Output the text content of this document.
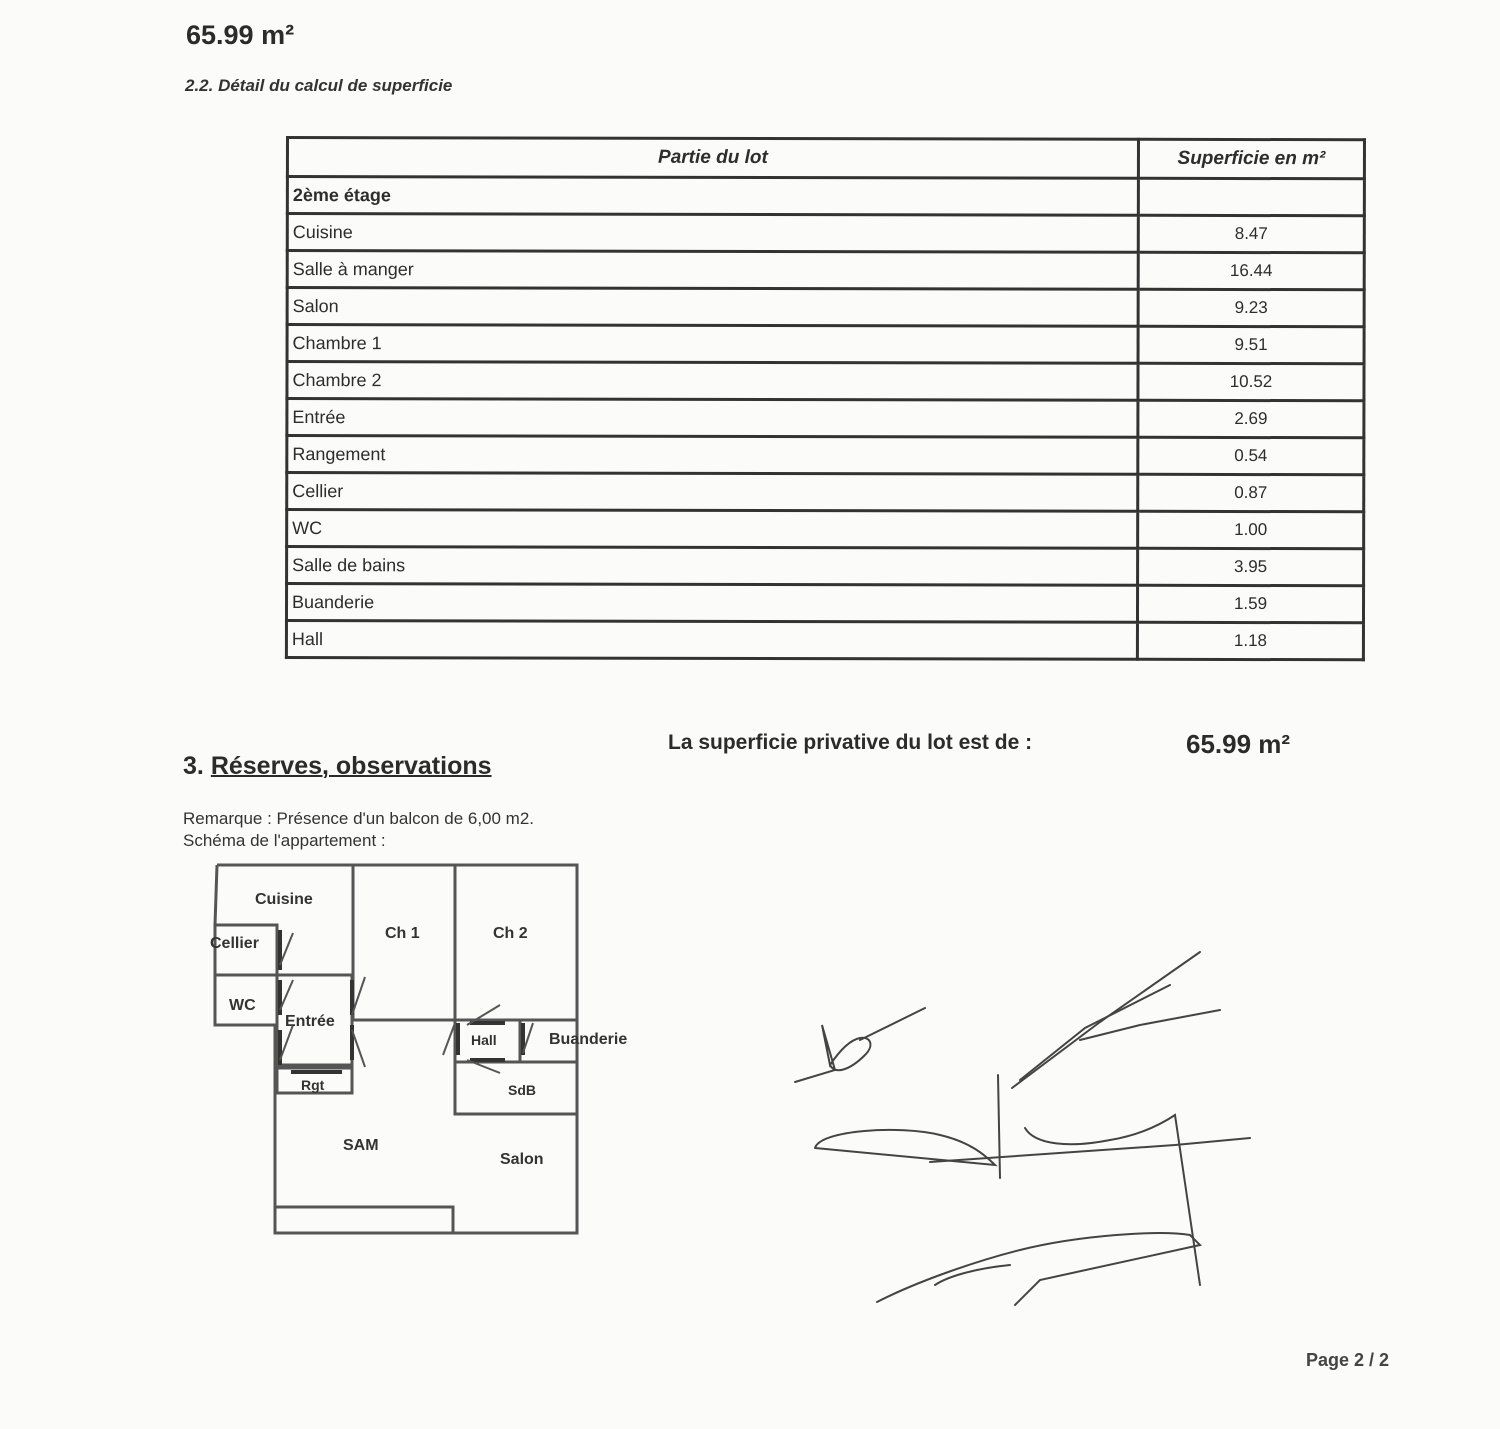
65.99 m²
2.2. Détail du calcul de superficie
Partie du lot	Superficie en m²
2ème étage	
Cuisine	8.47
Salle à manger	16.44
Salon	9.23
Chambre 1	9.51
Chambre 2	10.52
Entrée	2.69
Rangement	0.54
Cellier	0.87
WC	1.00
Salle de bains	3.95
Buanderie	1.59
Hall	1.18
La superficie privative du lot est de :	65.99 m²
3. Réserves, observations
Remarque : Présence d'un balcon de 6,00 m2.
Schéma de l'appartement :
Cuisine
Cellier
WC
Entrée
Rgt
Ch 1	Ch 2
Hall	Buanderie
SdB
SAM
Salon
Page 2 / 2
